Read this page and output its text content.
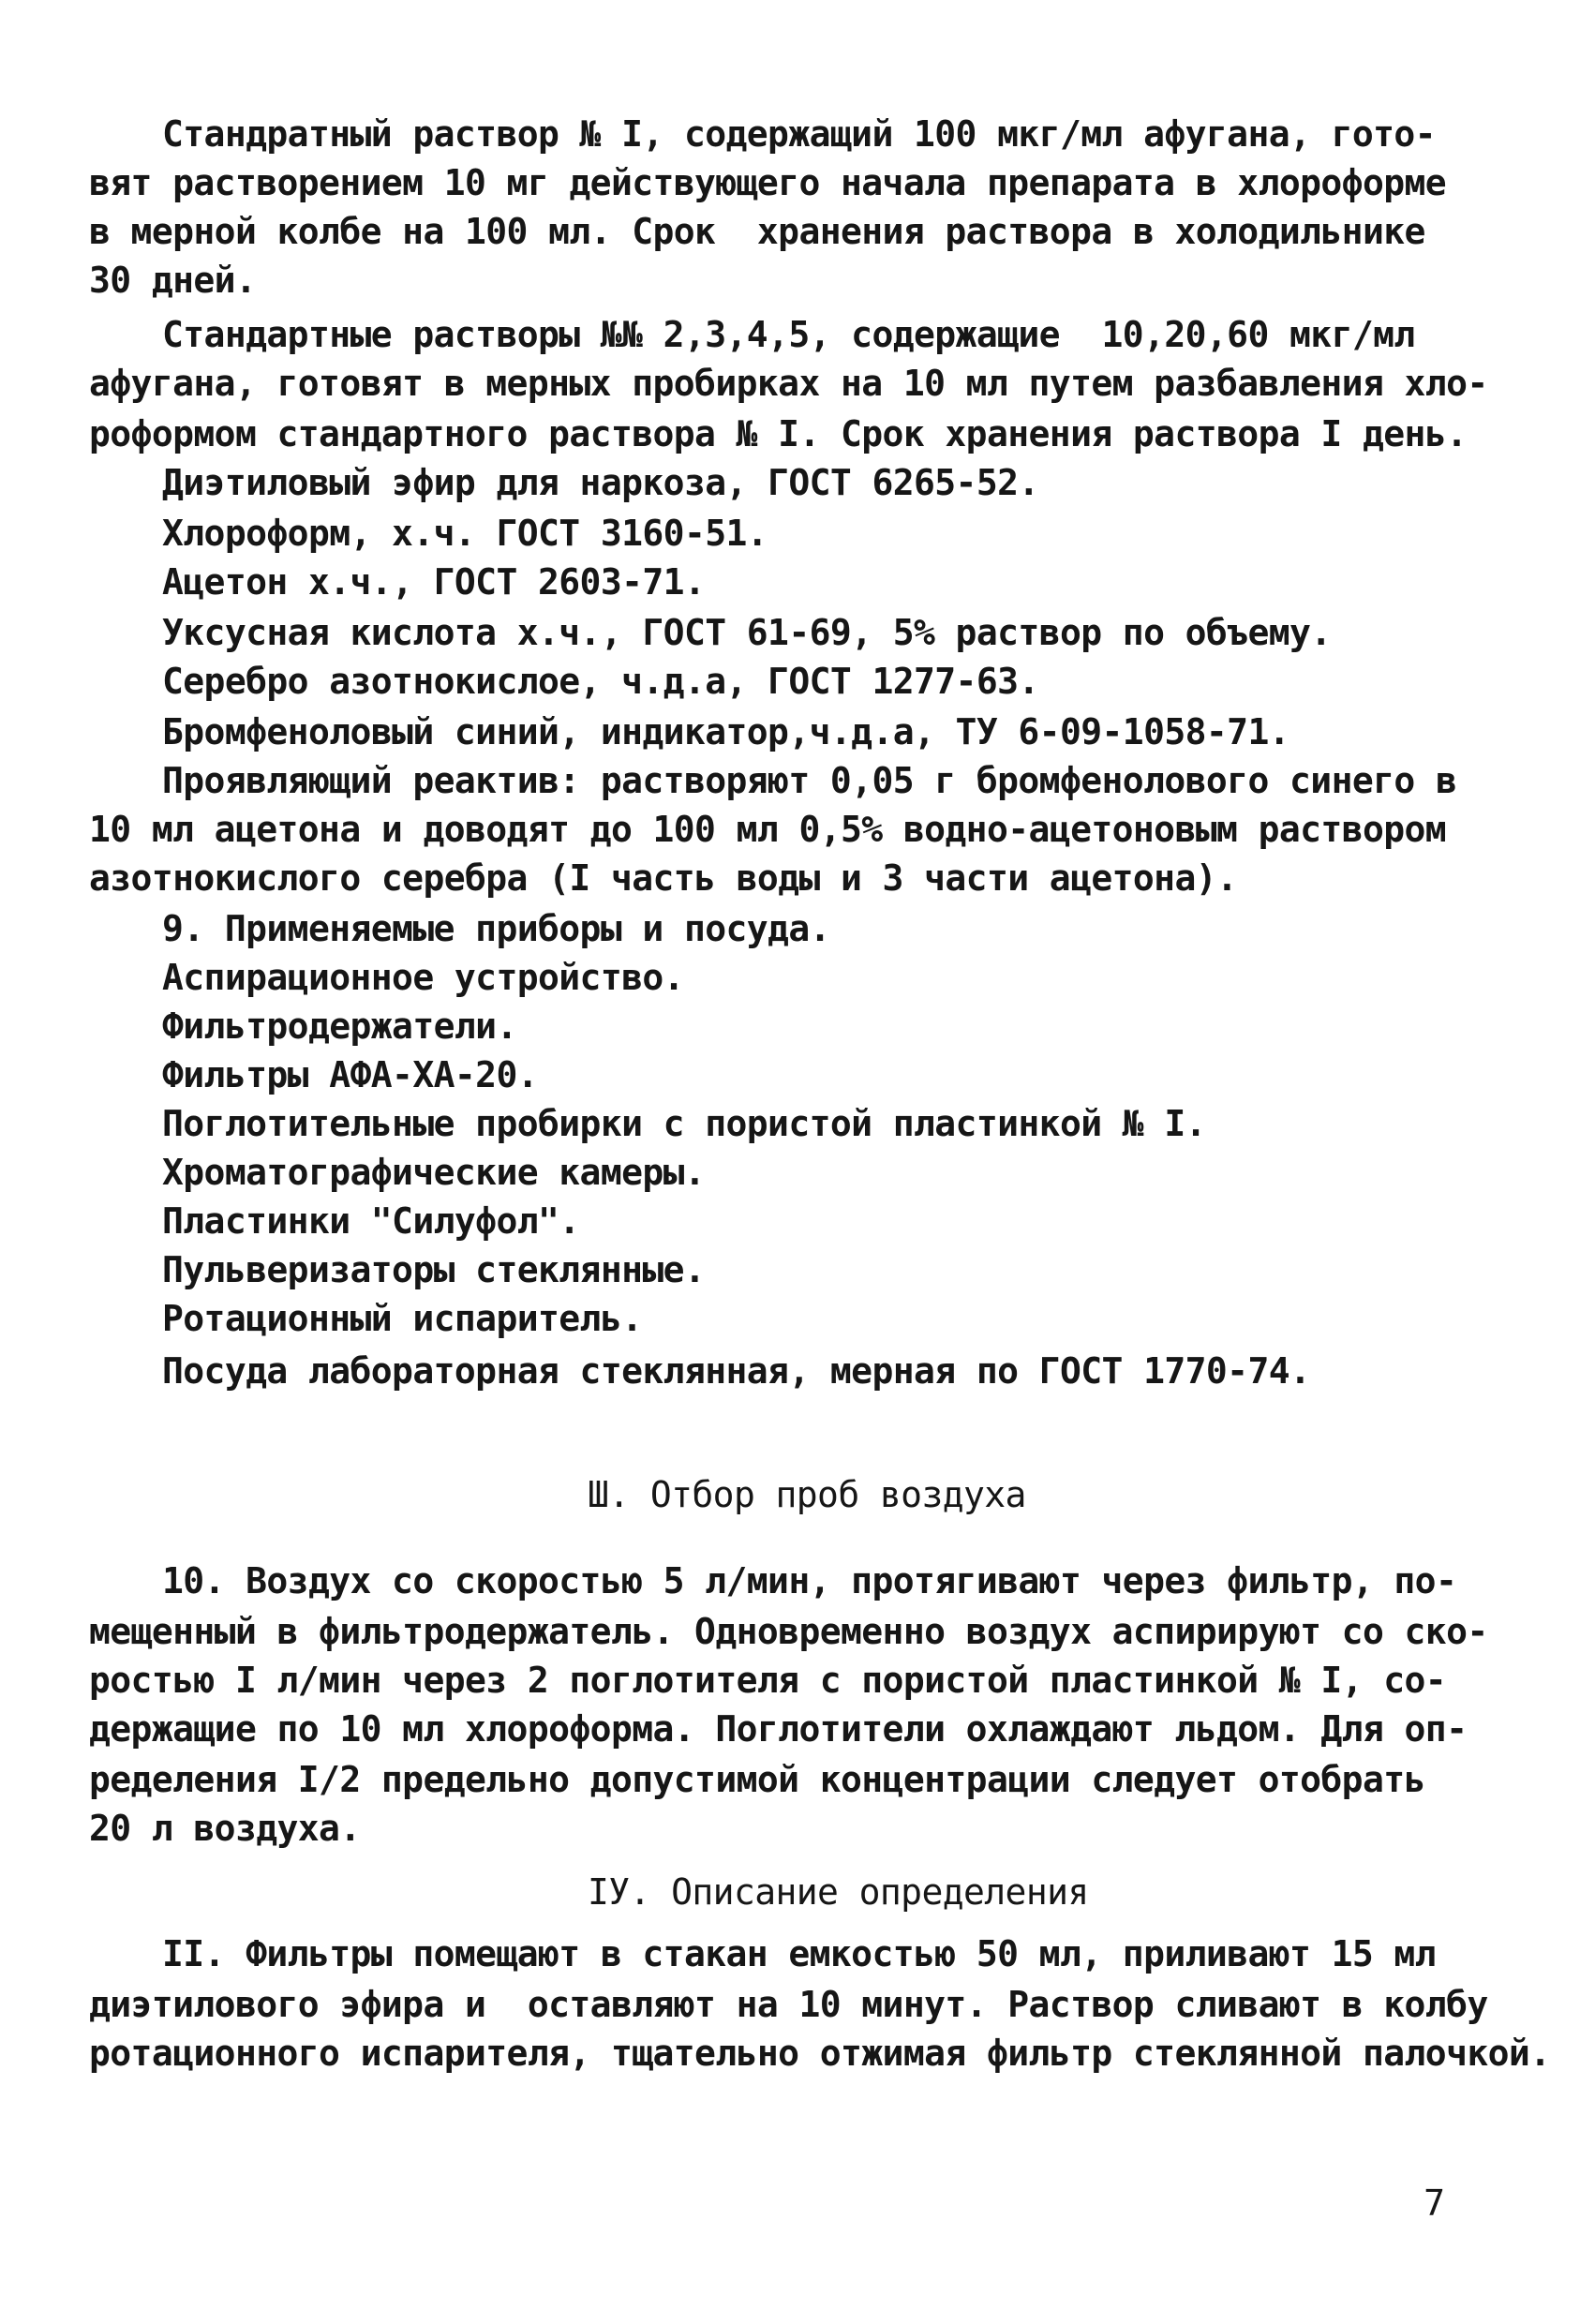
Стандратный раствор № I, содержащий 100 мкг/мл афугана, гото-
вят растворением 10 мг действующего начала препарата в хлороформе
в мерной колбе на 100 мл. Срок  хранения раствора в холодильнике
30 дней.
Стандартные растворы №№ 2,3,4,5, содержащие  10,20,60 мкг/мл
афугана, готовят в мерных пробирках на 10 мл путем разбавления хло-
роформом стандартного раствора № I. Срок хранения раствора I день.
Диэтиловый эфир для наркоза, ГОСТ 6265-52.
Хлороформ, х.ч. ГОСТ 3160-51.
Ацетон х.ч., ГОСТ 2603-71.
Уксусная кислота х.ч., ГОСТ 61-69, 5% раствор по объему.
Серебро азотнокислое, ч.д.а, ГОСТ 1277-63.
Бромфеноловый синий, индикатор,ч.д.а, ТУ 6-09-1058-71.
Проявляющий реактив: растворяют 0,05 г бромфенолового синего в
10 мл ацетона и доводят до 100 мл 0,5% водно-ацетоновым раствором
азотнокислого серебра (I часть воды и 3 части ацетона).
9. Применяемые приборы и посуда.
Аспирационное устройство.
Фильтродержатели.
Фильтры АФА-ХА-20.
Поглотительные пробирки с пористой пластинкой № I.
Хроматографические камеры.
Пластинки "Силуфол".
Пульверизаторы стеклянные.
Ротационный испаритель.
Посуда лабораторная стеклянная, мерная по ГОСТ 1770-74.
Ш. Отбор проб воздуха
10. Воздух со скоростью 5 л/мин, протягивают через фильтр, по-
мещенный в фильтродержатель. Одновременно воздух аспирируют со ско-
ростью I л/мин через 2 поглотителя с пористой пластинкой № I, со-
держащие по 10 мл хлороформа. Поглотители охлаждают льдом. Для оп-
ределения I/2 предельно допустимой концентрации следует отобрать
20 л воздуха.
IУ. Описание определения
II. Фильтры помещают в стакан емкостью 50 мл, приливают 15 мл
диэтилового эфира и  оставляют на 10 минут. Раствор сливают в колбу
ротационного испарителя, тщательно отжимая фильтр стеклянной палочкой.
7
